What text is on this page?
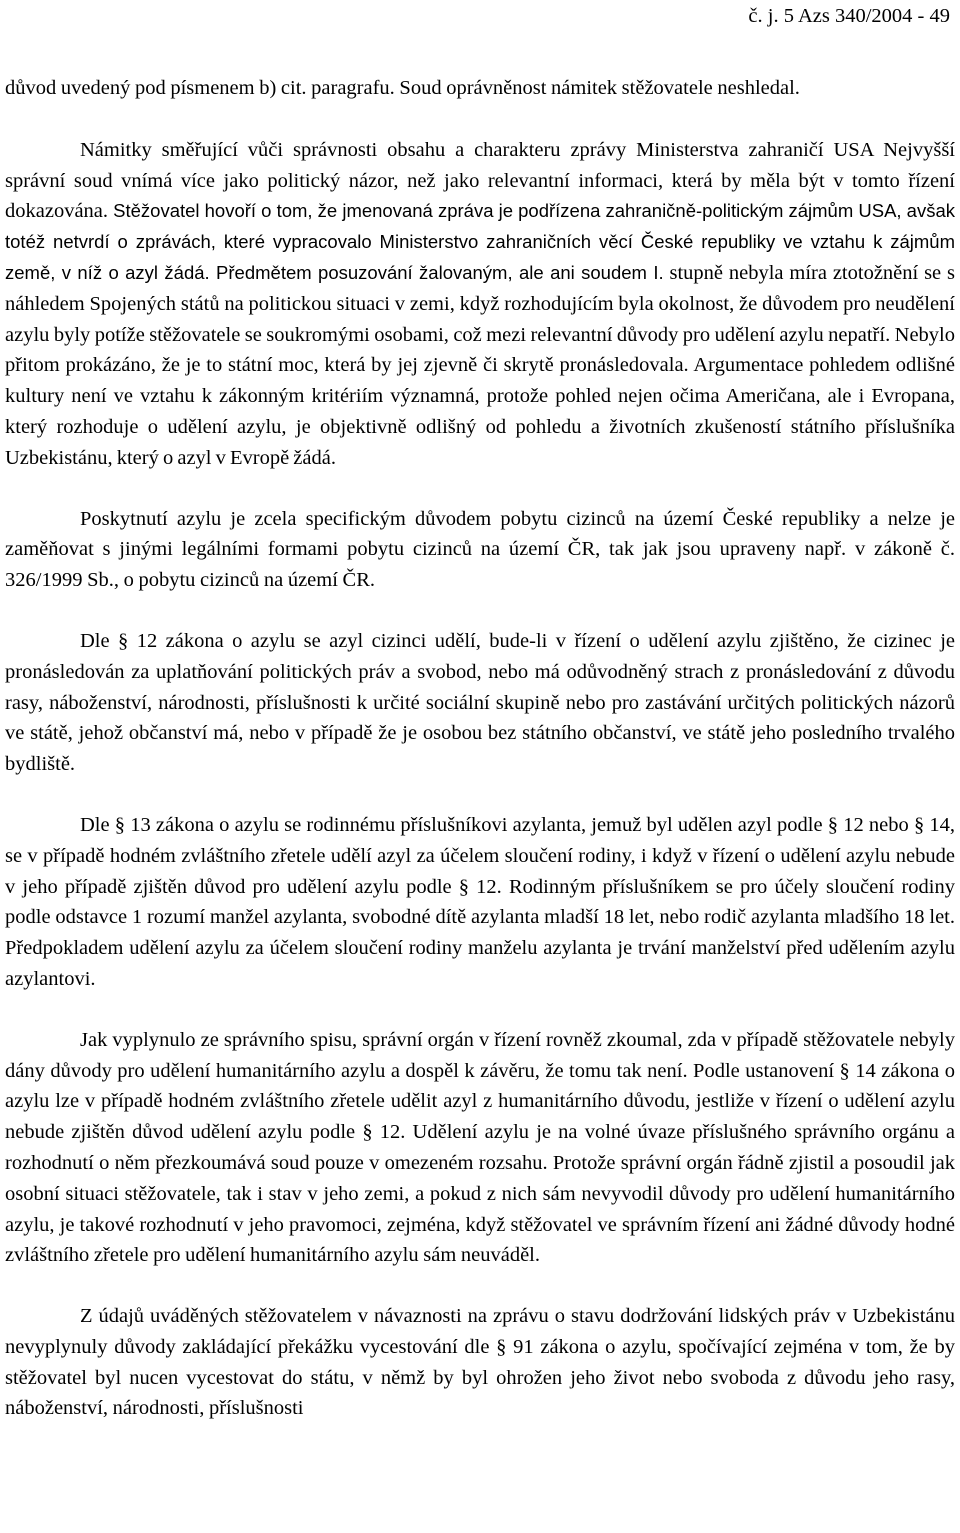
č. j. 5 Azs 340/2004 - 49

důvod uvedený pod písmenem b) cit. paragrafu. Soud oprávněnost námitek stěžovatele neshledal.

Námitky směřující vůči správnosti obsahu a charakteru zprávy Ministerstva zahraničí USA Nejvyšší správní soud vnímá více jako politický názor, než jako relevantní informaci, která by měla být v tomto řízení dokazována. Stěžovatel hovoří o tom, že jmenovaná zpráva je podřízena zahraničně-politickým zájmům USA, avšak totéž netvrdí o zprávách, které vypracovalo Ministerstvo zahraničních věcí České republiky ve vztahu k zájmům země, v níž o azyl žádá. Předmětem posuzování žalovaným, ale ani soudem I. stupně nebyla míra ztotožnění se s náhledem Spojených států na politickou situaci v zemi, když rozhodujícím byla okolnost, že důvodem pro neudělení azylu byly potíže stěžovatele se soukromými osobami, což mezi relevantní důvody pro udělení azylu nepatří. Nebylo přitom prokázáno, že je to státní moc, která by jej zjevně či skrytě pronásledovala. Argumentace pohledem odlišné kultury není ve vztahu k zákonným kritériím významná, protože pohled nejen očima Američana, ale i Evropana, který rozhoduje o udělení azylu, je objektivně odlišný od pohledu a životních zkušeností státního příslušníka Uzbekistánu, který o azyl v Evropě žádá.

Poskytnutí azylu je zcela specifickým důvodem pobytu cizinců na území České republiky a nelze je zaměňovat s jinými legálními formami pobytu cizinců na území ČR, tak jak jsou upraveny např. v zákoně č. 326/1999 Sb., o pobytu cizinců na území ČR.

Dle § 12 zákona o azylu se azyl cizinci udělí, bude-li v řízení o udělení azylu zjištěno, že cizinec je pronásledován za uplatňování politických práv a svobod, nebo má odůvodněný strach z pronásledování z důvodu rasy, náboženství, národnosti, příslušnosti k určité sociální skupině nebo pro zastávání určitých politických názorů ve státě, jehož občanství má, nebo v případě že je osobou bez státního občanství, ve státě jeho posledního trvalého bydliště.

Dle § 13 zákona o azylu se rodinnému příslušníkovi azylanta, jemuž byl udělen azyl podle § 12 nebo § 14, se v případě hodném zvláštního zřetele udělí azyl za účelem sloučení rodiny, i když v řízení o udělení azylu nebude v jeho případě zjištěn důvod pro udělení azylu podle § 12. Rodinným příslušníkem se pro účely sloučení rodiny podle odstavce 1 rozumí manžel azylanta, svobodné dítě azylanta mladší 18 let, nebo rodič azylanta mladšího 18 let. Předpokladem udělení azylu za účelem sloučení rodiny manželu azylanta je trvání manželství před udělením azylu azylantovi.

Jak vyplynulo ze správního spisu, správní orgán v řízení rovněž zkoumal, zda v případě stěžovatele nebyly dány důvody pro udělení humanitárního azylu a dospěl k závěru, že tomu tak není. Podle ustanovení § 14 zákona o azylu lze v případě hodném zvláštního zřetele udělit azyl z humanitárního důvodu, jestliže v řízení o udělení azylu nebude zjištěn důvod udělení azylu podle § 12. Udělení azylu je na volné úvaze příslušného správního orgánu a rozhodnutí o něm přezkoumává soud pouze v omezeném rozsahu. Protože správní orgán řádně zjistil a posoudil jak osobní situaci stěžovatele, tak i stav v jeho zemi, a pokud z nich sám nevyvodil důvody pro udělení humanitárního azylu, je takové rozhodnutí v jeho pravomoci, zejména, když stěžovatel ve správním řízení ani žádné důvody hodné zvláštního zřetele pro udělení humanitárního azylu sám neuváděl.

Z údajů uváděných stěžovatelem v návaznosti na zprávu o stavu dodržování lidských práv v Uzbekistánu nevyplynuly důvody zakládající překážku vycestování dle § 91 zákona o azylu, spočívající zejména v tom, že by stěžovatel byl nucen vycestovat do státu, v němž by byl ohrožen jeho život nebo svoboda z důvodu jeho rasy, náboženství, národnosti, příslušnosti
